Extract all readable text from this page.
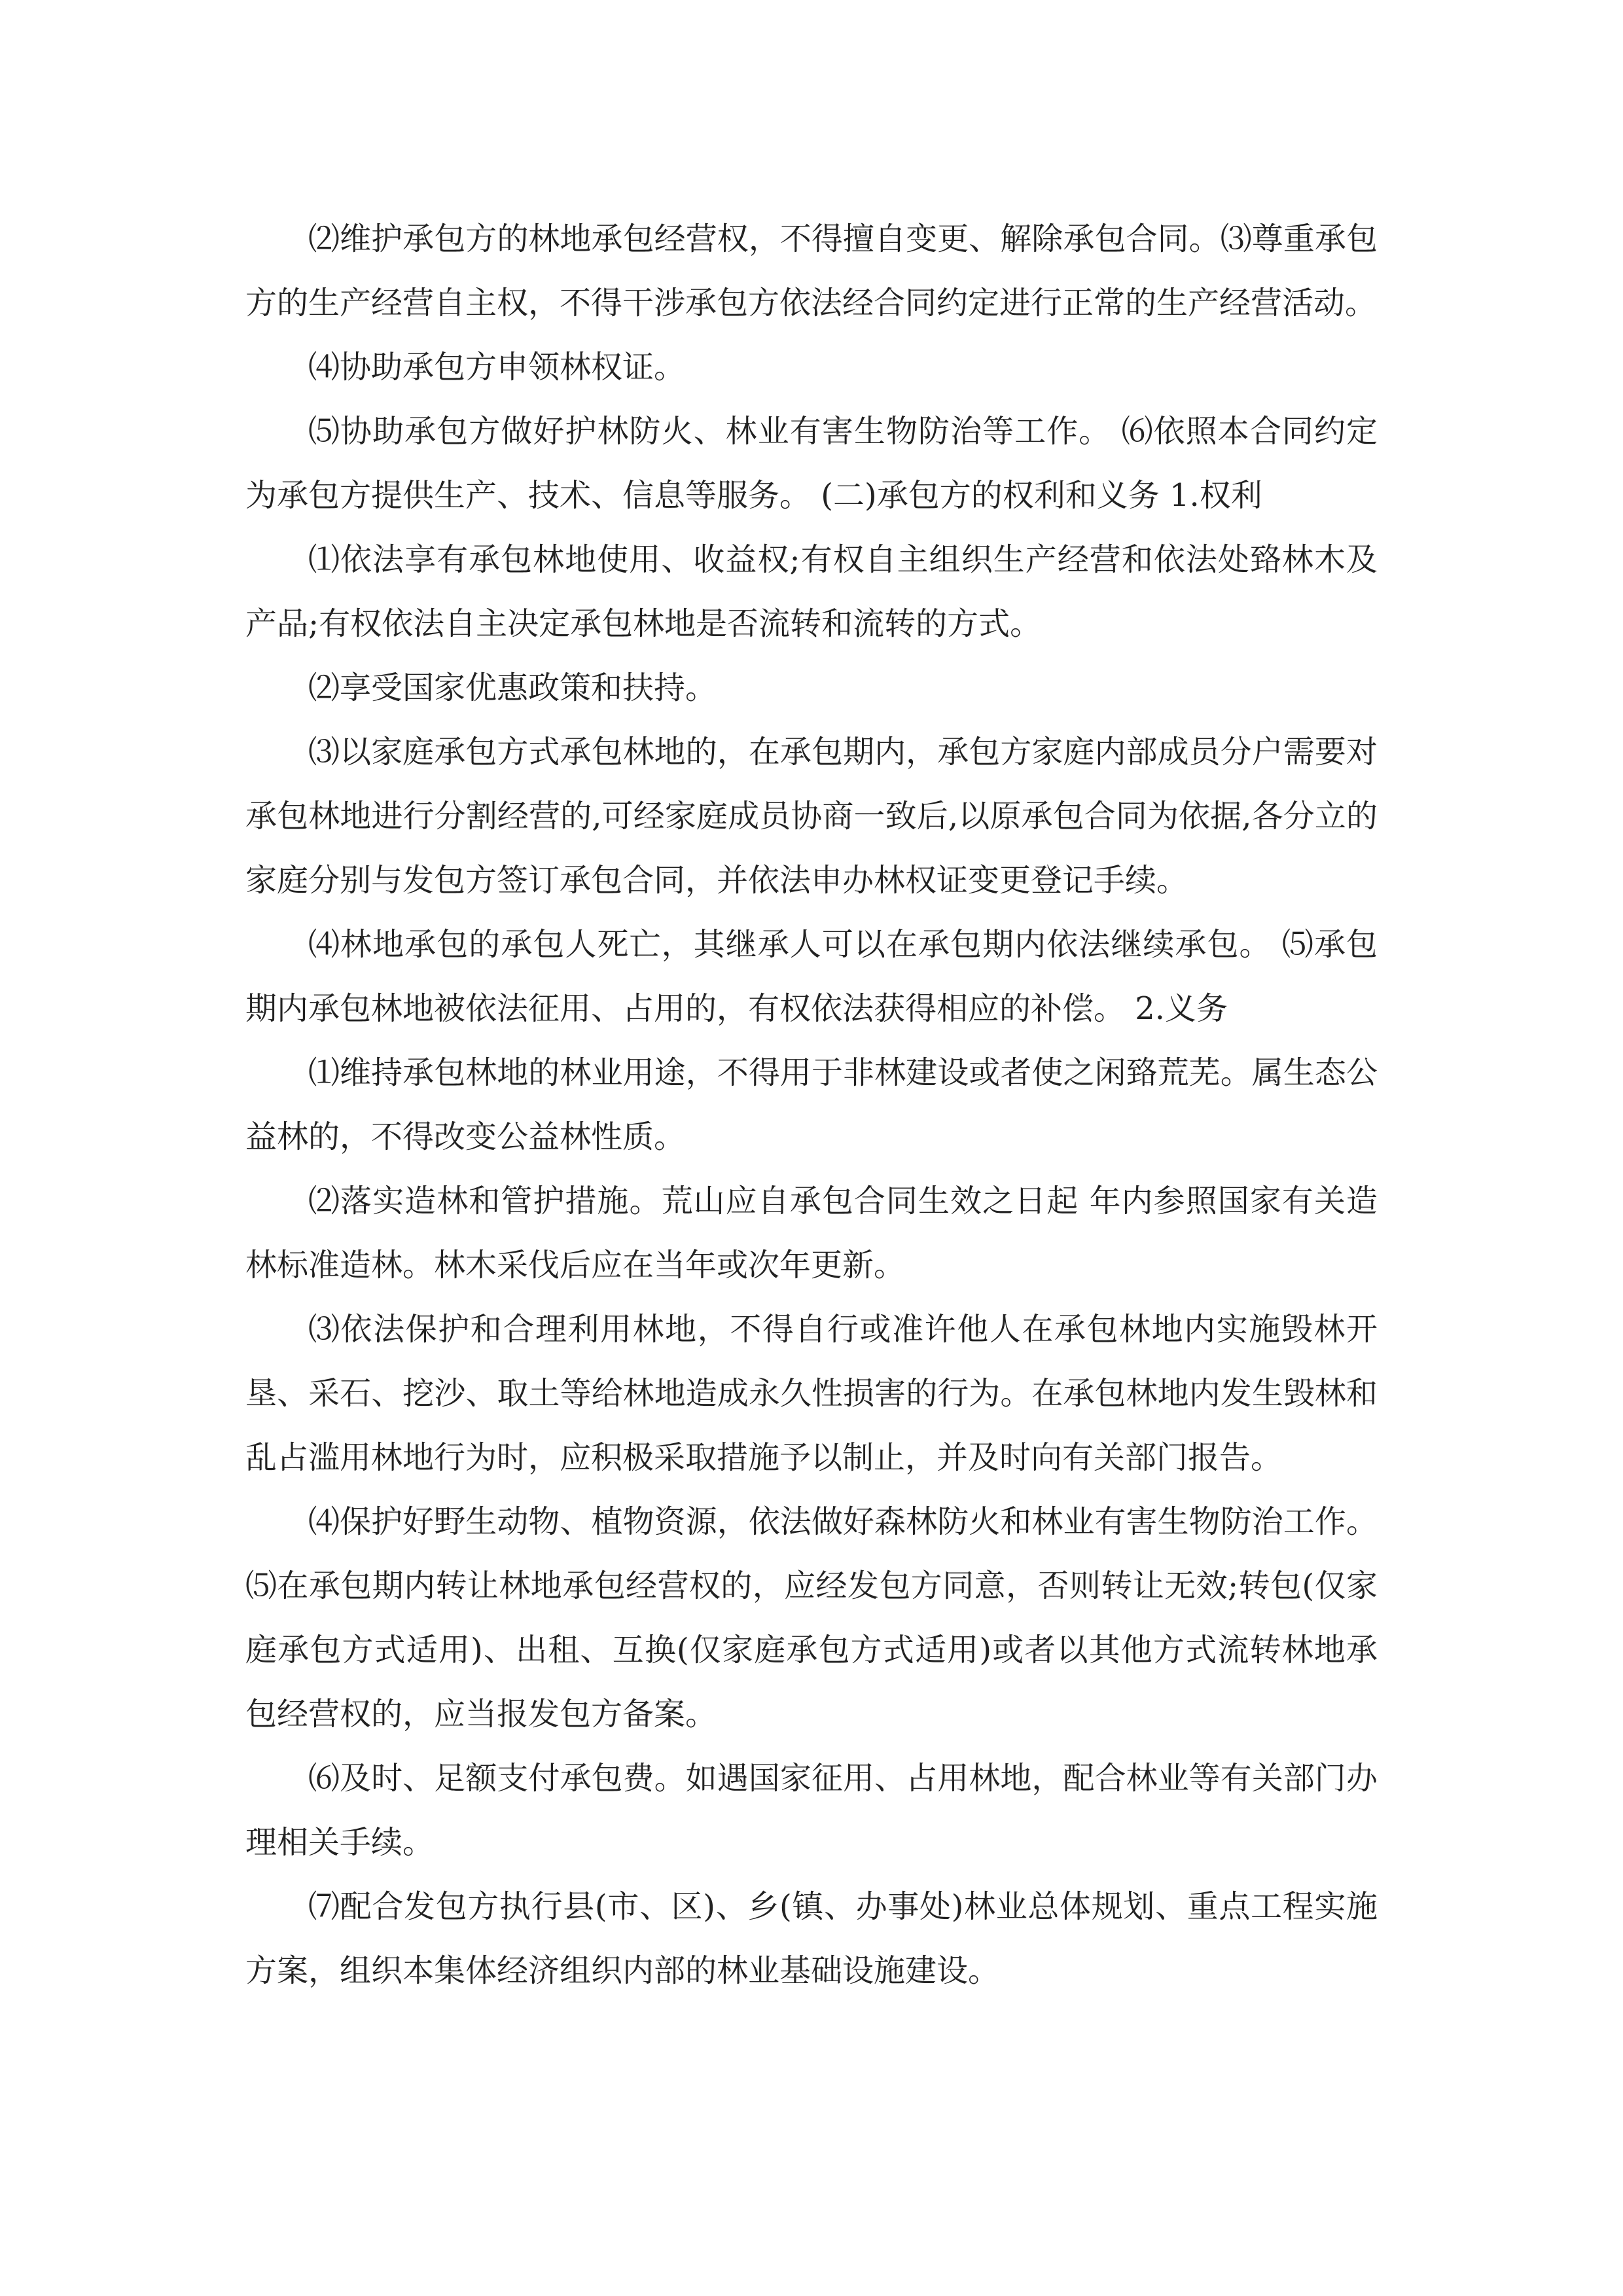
⑵维护承包方的林地承包经营权，不得擅自变更、解除承包合同。⑶尊重承包方的生产经营自主权，不得干涉承包方依法经合同约定进行正常的生产经营活动。

⑷协助承包方申领林权证。

⑸协助承包方做好护林防火、林业有害生物防治等工作。 ⑹依照本合同约定为承包方提供生产、技术、信息等服务。 (二)承包方的权利和义务 1.权利

⑴依法享有承包林地使用、收益权;有权自主组织生产经营和依法处臵林木及产品;有权依法自主决定承包林地是否流转和流转的方式。

⑵享受国家优惠政策和扶持。

⑶以家庭承包方式承包林地的，在承包期内，承包方家庭内部成员分户需要对承包林地进行分割经营的,可经家庭成员协商一致后,以原承包合同为依据,各分立的家庭分别与发包方签订承包合同，并依法申办林权证变更登记手续。

⑷林地承包的承包人死亡，其继承人可以在承包期内依法继续承包。 ⑸承包期内承包林地被依法征用、占用的，有权依法获得相应的补偿。 2.义务

⑴维持承包林地的林业用途，不得用于非林建设或者使之闲臵荒芜。属生态公益林的，不得改变公益林性质。

⑵落实造林和管护措施。荒山应自承包合同生效之日起 年内参照国家有关造林标准造林。林木采伐后应在当年或次年更新。

⑶依法保护和合理利用林地，不得自行或准许他人在承包林地内实施毁林开垦、采石、挖沙、取土等给林地造成永久性损害的行为。在承包林地内发生毁林和乱占滥用林地行为时，应积极采取措施予以制止，并及时向有关部门报告。

⑷保护好野生动物、植物资源，依法做好森林防火和林业有害生物防治工作。⑸在承包期内转让林地承包经营权的，应经发包方同意，否则转让无效;转包(仅家庭承包方式适用)、出租、互换(仅家庭承包方式适用)或者以其他方式流转林地承包经营权的，应当报发包方备案。

⑹及时、足额支付承包费。如遇国家征用、占用林地，配合林业等有关部门办理相关手续。

⑺配合发包方执行县(市、区)、乡(镇、办事处)林业总体规划、重点工程实施方案，组织本集体经济组织内部的林业基础设施建设。
